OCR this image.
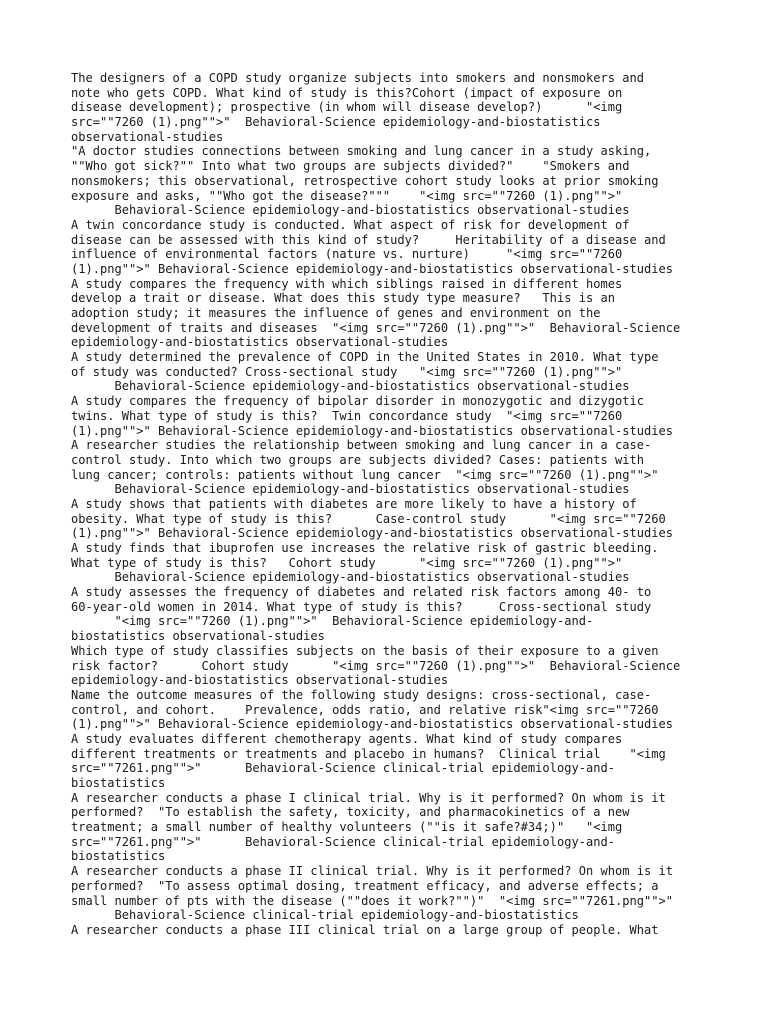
The designers of a COPD study organize subjects into smokers and nonsmokers and
note who gets COPD. What kind of study is this?Cohort (impact of exposure on
disease development); prospective (in whom will disease develop?)      "<img
src=""7260 (1).png"">"  Behavioral-Science epidemiology-and-biostatistics
observational-studies
"A doctor studies connections between smoking and lung cancer in a study asking,
""Who got sick?"" Into what two groups are subjects divided?"    "Smokers and
nonsmokers; this observational, retrospective cohort study looks at prior smoking
exposure and asks, ""Who got the disease?"""    "<img src=""7260 (1).png"">"
Behavioral-Science epidemiology-and-biostatistics observational-studies
A twin concordance study is conducted. What aspect of risk for development of
disease can be assessed with this kind of study?     Heritability of a disease and
influence of environmental factors (nature vs. nurture)     "<img src=""7260
(1).png"">" Behavioral-Science epidemiology-and-biostatistics observational-studies
A study compares the frequency with which siblings raised in different homes
develop a trait or disease. What does this study type measure?   This is an
adoption study; it measures the influence of genes and environment on the
development of traits and diseases  "<img src=""7260 (1).png"">"  Behavioral-Science
epidemiology-and-biostatistics observational-studies
A study determined the prevalence of COPD in the United States in 2010. What type
of study was conducted? Cross-sectional study   "<img src=""7260 (1).png"">"
Behavioral-Science epidemiology-and-biostatistics observational-studies
A study compares the frequency of bipolar disorder in monozygotic and dizygotic
twins. What type of study is this?  Twin concordance study  "<img src=""7260
(1).png"">" Behavioral-Science epidemiology-and-biostatistics observational-studies
A researcher studies the relationship between smoking and lung cancer in a case-
control study. Into which two groups are subjects divided? Cases: patients with
lung cancer; controls: patients without lung cancer  "<img src=""7260 (1).png"">"
Behavioral-Science epidemiology-and-biostatistics observational-studies
A study shows that patients with diabetes are more likely to have a history of
obesity. What type of study is this?      Case-control study      "<img src=""7260
(1).png"">" Behavioral-Science epidemiology-and-biostatistics observational-studies
A study finds that ibuprofen use increases the relative risk of gastric bleeding.
What type of study is this?   Cohort study      "<img src=""7260 (1).png"">"
Behavioral-Science epidemiology-and-biostatistics observational-studies
A study assesses the frequency of diabetes and related risk factors among 40- to
60-year-old women in 2014. What type of study is this?     Cross-sectional study
"<img src=""7260 (1).png"">"  Behavioral-Science epidemiology-and-
biostatistics observational-studies
Which type of study classifies subjects on the basis of their exposure to a given
risk factor?      Cohort study      "<img src=""7260 (1).png"">"  Behavioral-Science
epidemiology-and-biostatistics observational-studies
Name the outcome measures of the following study designs: cross-sectional, case-
control, and cohort.    Prevalence, odds ratio, and relative risk"<img src=""7260
(1).png"">" Behavioral-Science epidemiology-and-biostatistics observational-studies
A study evaluates different chemotherapy agents. What kind of study compares
different treatments or treatments and placebo in humans?  Clinical trial    "<img
src=""7261.png"">"      Behavioral-Science clinical-trial epidemiology-and-
biostatistics
A researcher conducts a phase I clinical trial. Why is it performed? On whom is it
performed?  "To establish the safety, toxicity, and pharmacokinetics of a new
treatment; a small number of healthy volunteers (""is it safe?#34;)"   "<img
src=""7261.png"">"      Behavioral-Science clinical-trial epidemiology-and-
biostatistics
A researcher conducts a phase II clinical trial. Why is it performed? On whom is it
performed?  "To assess optimal dosing, treatment efficacy, and adverse effects; a
small number of pts with the disease (""does it work?"")"  "<img src=""7261.png"">"
Behavioral-Science clinical-trial epidemiology-and-biostatistics
A researcher conducts a phase III clinical trial on a large group of people. What
